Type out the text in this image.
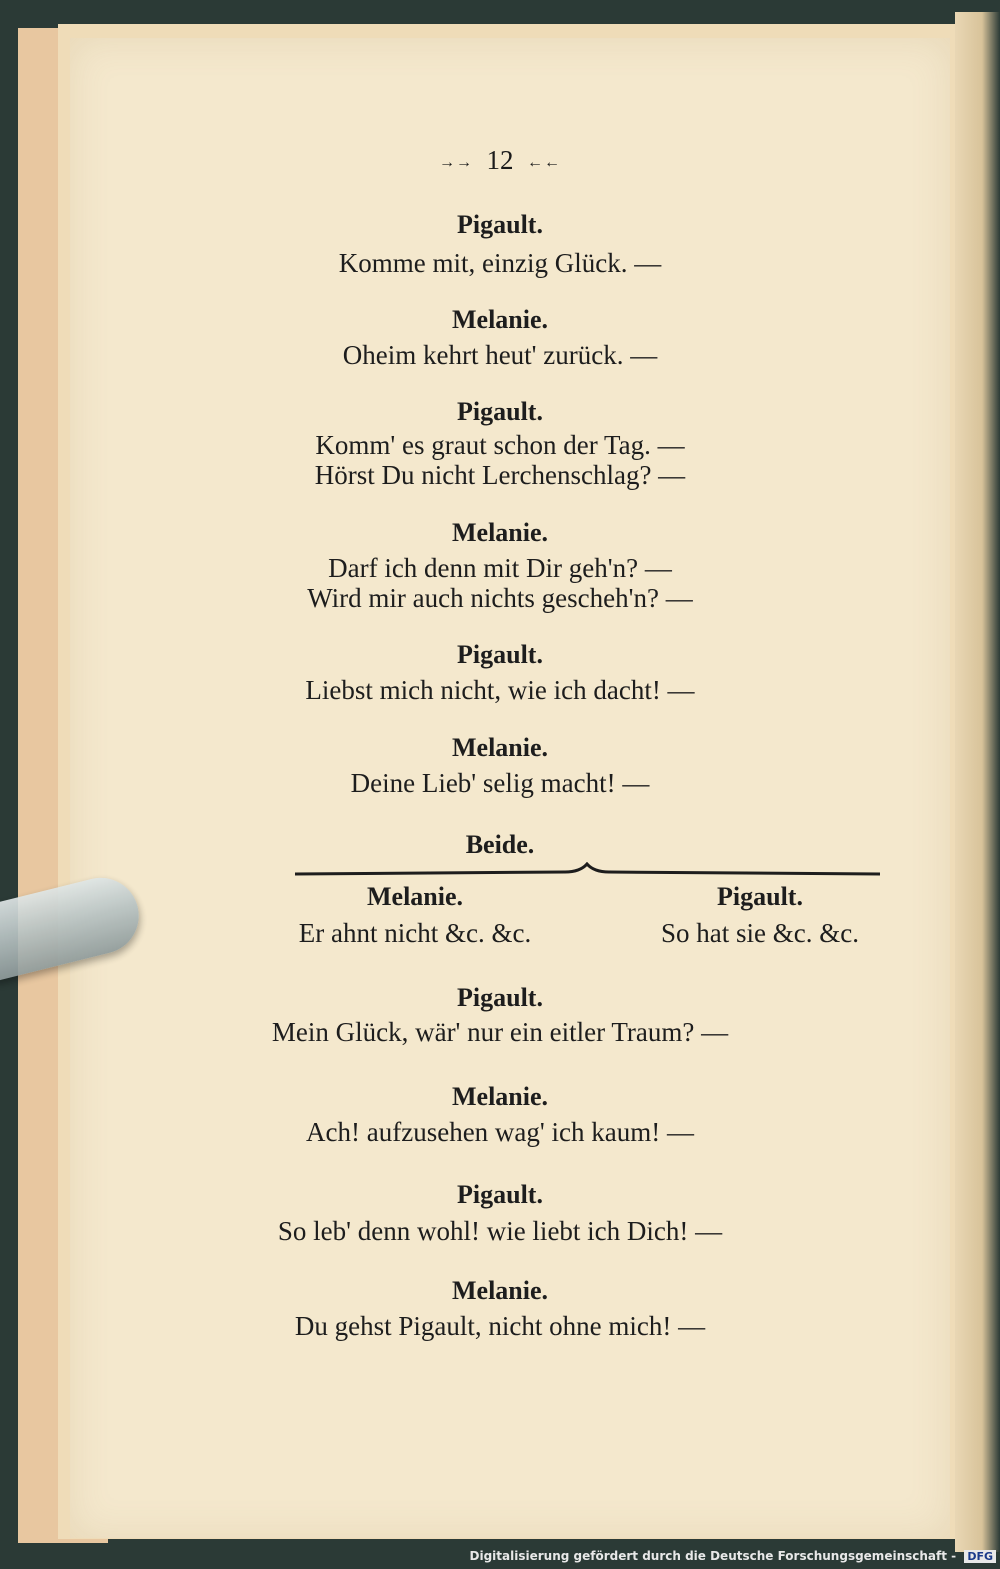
→→ 12 ←←
Pigault.
Komme mit, einzig Glück. —
Melanie.
Oheim kehrt heut' zurück. —
Pigault.
Komm' es graut schon der Tag. —
Hörst Du nicht Lerchenschlag? —
Melanie.
Darf ich denn mit Dir geh'n? —
Wird mir auch nichts gescheh'n? —
Pigault.
Liebst mich nicht, wie ich dacht! —
Melanie.
Deine Lieb' selig macht! —
Beide.
Melanie.
Er ahnt nicht &c. &c.
Pigault.
So hat sie &c. &c.
Pigault.
Mein Glück, wär' nur ein eitler Traum? —
Melanie.
Ach! aufzusehen wag' ich kaum! —
Pigault.
So leb' denn wohl! wie liebt ich Dich! —
Melanie.
Du gehst Pigault, nicht ohne mich! —
Digitalisierung gefördert durch die Deutsche Forschungsgemeinschaft - DFG
